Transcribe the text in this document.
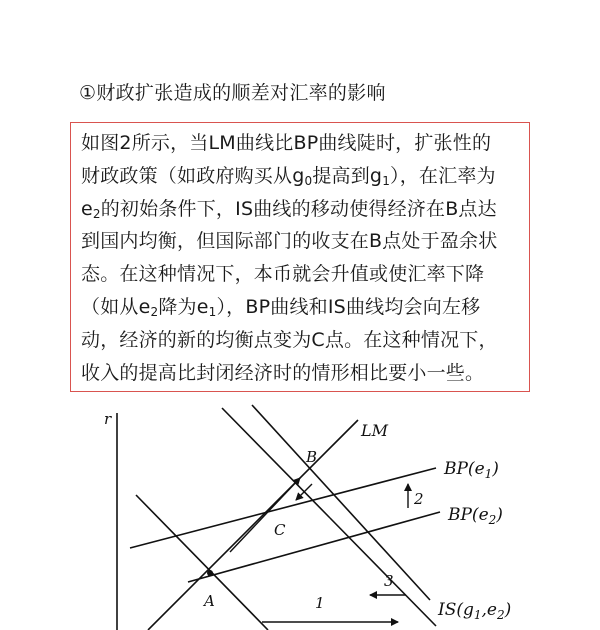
①财政扩张造成的顺差对汇率的影响
如图2所示，当LM曲线比BP曲线陡时，扩张性的
财政政策（如政府购买从$g_0$提高到$g_1$），在汇率为
$e_2$的初始条件下，IS曲线的移动使得经济在B点达
到国内均衡，但国际部门的收支在B点处于盈余状
态。在这种情况下，本币就会升值或使汇率下降
（如从$e_2$降为$e_1$），BP曲线和IS曲线均会向左移
动，经济的新的均衡点变为C点。在这种情况下，
收入的提高比封闭经济时的情形相比要小一些。
r
LM
$BP(e_1)$
$BP(e_2)$
$IS(g_1,e_2)$
A
B
C
1
2
3
